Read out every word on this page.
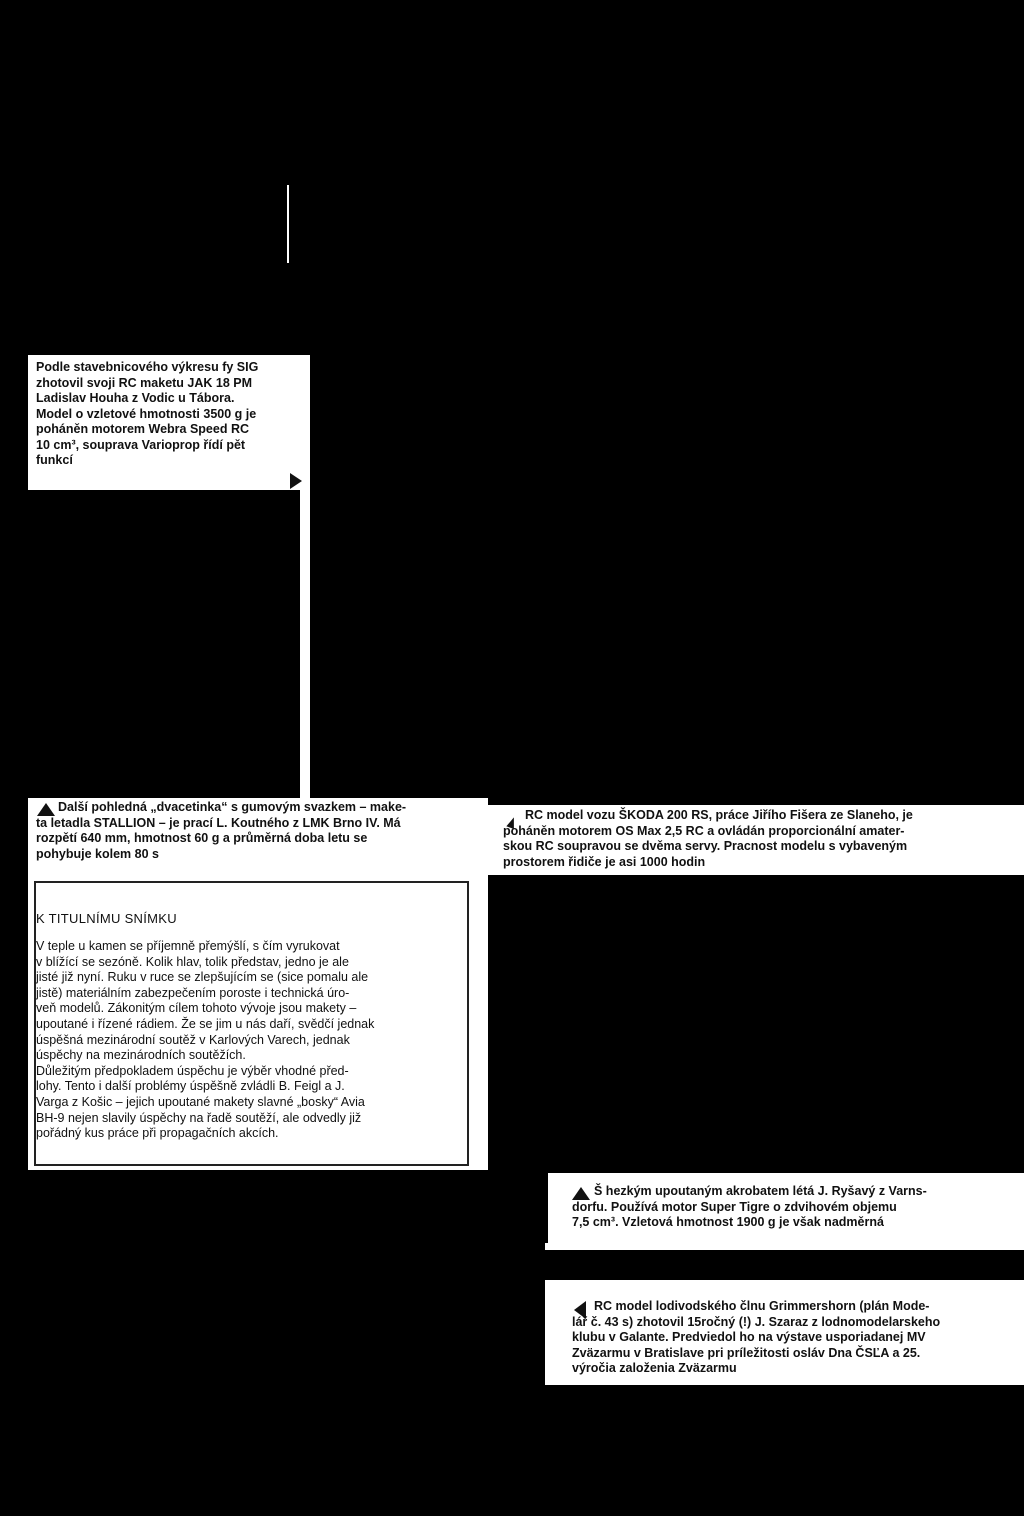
Podle stavebnicového výkresu fy SIG
zhotovil svoji RC maketu JAK 18 PM
Ladislav Houha z Vodic u Tábora.
Model o vzletové hmotnosti 3500 g je
poháněn motorem Webra Speed RC
10 cm³, souprava Varioprop řídí pět
funkcí
Další pohledná „dvacetinka“ s gumovým svazkem – make-
ta letadla STALLION – je prací L. Koutného z LMK Brno IV. Má
rozpětí 640 mm, hmotnost 60 g a průměrná doba letu se
pohybuje kolem 80 s
RC model vozu ŠKODA 200 RS, práce Jiřího Fišera ze Slaneho, je
poháněn motorem OS Max 2,5 RC a ovládán proporcionální amater-
skou RC soupravou se dvěma servy. Pracnost modelu s vybaveným
prostorem řidiče je asi 1000 hodin
K TITULNÍMU SNÍMKU
V teple u kamen se příjemně přemýšlí, s čím vyrukovat
v blížící se sezóně. Kolik hlav, tolik představ, jedno je ale
jisté již nyní. Ruku v ruce se zlepšujícím se (sice pomalu ale
jistě) materiálním zabezpečením poroste i technická úro-
veň modelů. Zákonitým cílem tohoto vývoje jsou makety –
upoutané i řízené rádiem. Že se jim u nás daří, svědčí jednak
úspěšná mezinárodní soutěž v Karlových Varech, jednak
úspěchy na mezinárodních soutěžích.
Důležitým předpokladem úspěchu je výběr vhodné před-
lohy. Tento i další problémy úspěšně zvládli B. Feigl a J.
Varga z Košic – jejich upoutané makety slavné „bosky“ Avia
BH-9 nejen slavily úspěchy na řadě soutěží, ale odvedly již
pořádný kus práce při propagačních akcích.
Š hezkým upoutaným akrobatem létá J. Ryšavý z Varns-
dorfu. Používá motor Super Tigre o zdvihovém objemu
7,5 cm³. Vzletová hmotnost 1900 g je však nadměrná
RC model lodivodského člnu Grimmershorn (plán Mode-
lář č. 43 s) zhotovil 15ročný (!) J. Szaraz z lodnomodelarskeho
klubu v Galante. Predviedol ho na výstave usporiadanej MV
Zväzarmu v Bratislave pri príležitosti osláv Dna ČSĽA a 25.
výročia založenia Zväzarmu
